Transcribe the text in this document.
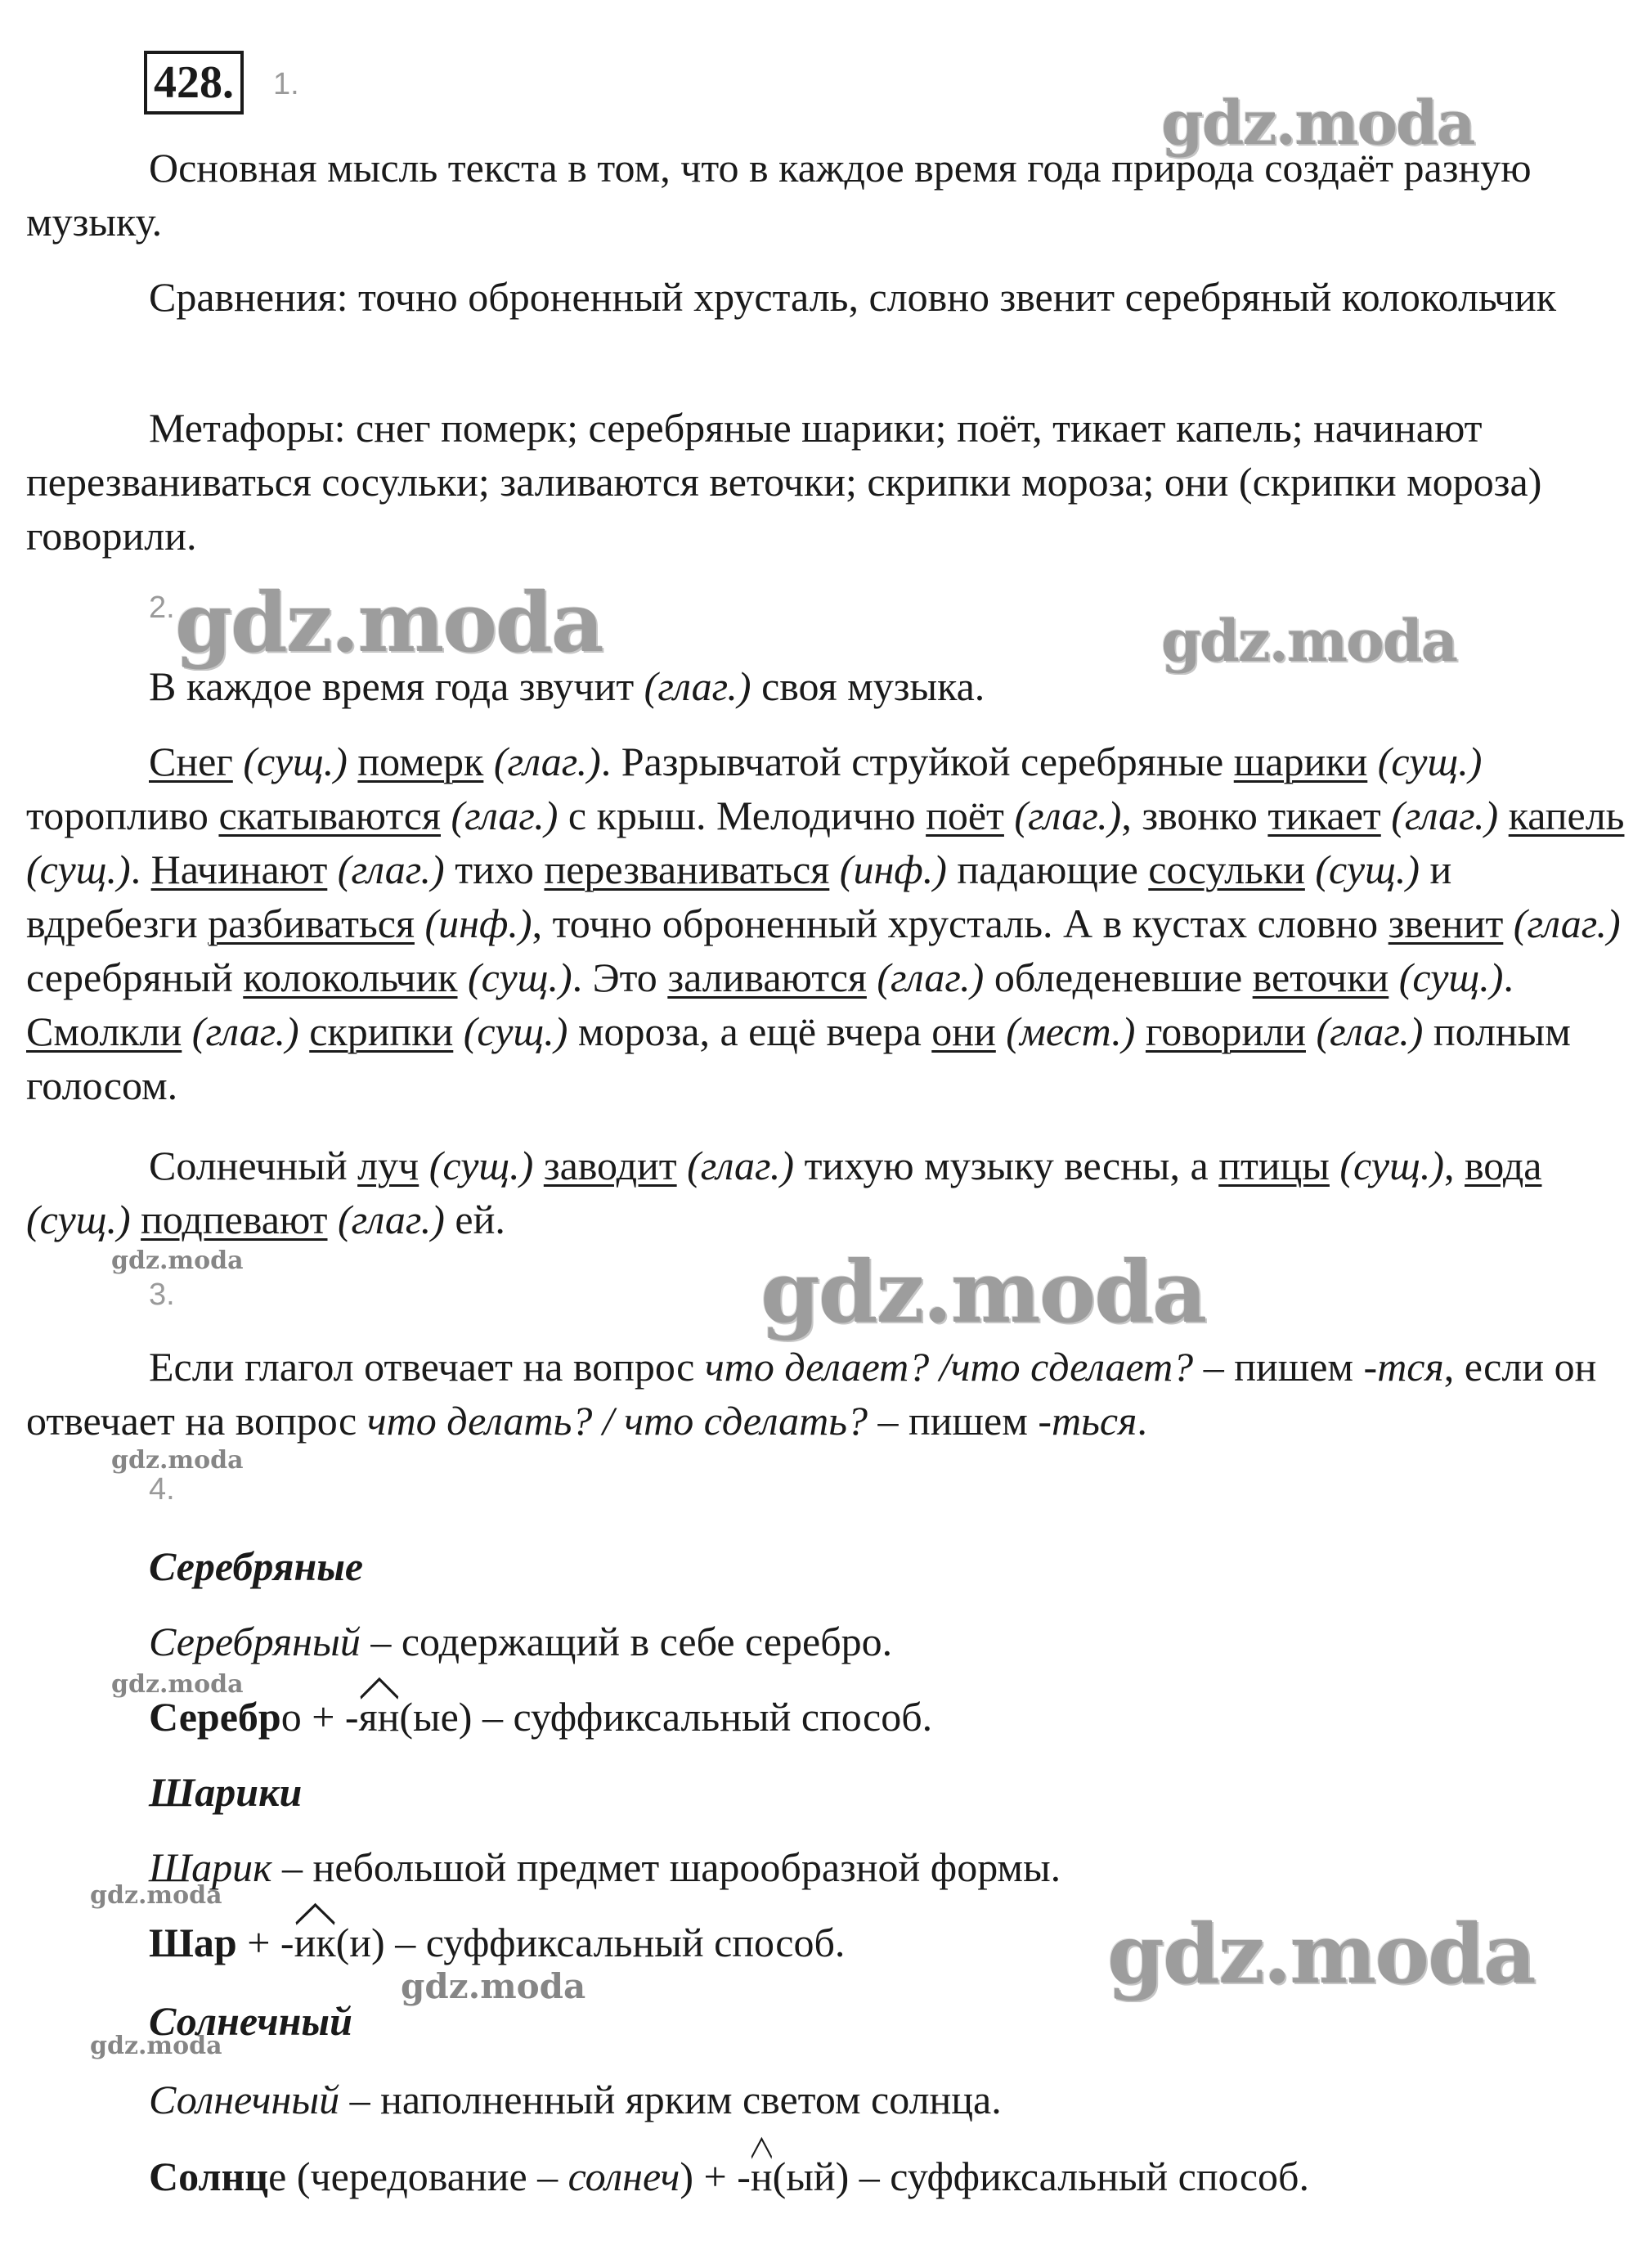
428.	1.

Основная мысль текста в том, что в каждое время года природа создаёт разную музыку.

Сравнения: точно оброненный хрусталь, словно звенит серебряный колокольчик

Метафоры: снег померк; серебряные шарики; поёт, тикает капель; начинают перезваниваться сосульки; заливаются веточки; скрипки мороза; они (скрипки мороза) говорили.

2.

В каждое время года звучит (глаг.) своя музыка.

Снег (сущ.) померк (глаг.). Разрывчатой струйкой серебряные шарики (сущ.) торопливо скатываются (глаг.) с крыш. Мелодично поёт (глаг.), звонко тикает (глаг.) капель (сущ.). Начинают (глаг.) тихо перезваниваться (инф.) падающие сосульки (сущ.) и вдребезги разбиваться (инф.), точно оброненный хрусталь. А в кустах словно звенит (глаг.) серебряный колокольчик (сущ.). Это заливаются (глаг.) обледеневшие веточки (сущ.). Смолкли (глаг.) скрипки (сущ.) мороза, а ещё вчера они (мест.) говорили (глаг.) полным голосом.

Солнечный луч (сущ.) заводит (глаг.) тихую музыку весны, а птицы (сущ.), вода (сущ.) подпевают (глаг.) ей.

3.

Если глагол отвечает на вопрос что делает? /что сделает? – пишем -тся, если он отвечает на вопрос что делать? / что сделать? – пишем -ться.

4.
Серебряные
Серебряный – содержащий в себе серебро.
Серебро + -
ян(ые) – суффиксальный способ.
Шарики
Шарик – небольшой предмет шарообразной формы.
Шар + -
ик(и) – суффиксальный способ.
Солнечный
Солнечный – наполненный ярким светом солнца.
Солнце (чередование – солнеч) + -
н(ый) – суффиксальный способ.
gdz.moda
gdz.moda	gdz.moda
gdz.moda
gdz.moda
gdz.moda
gdz.moda
gdz.moda
gdz.moda
gdz.moda
gdz.moda
